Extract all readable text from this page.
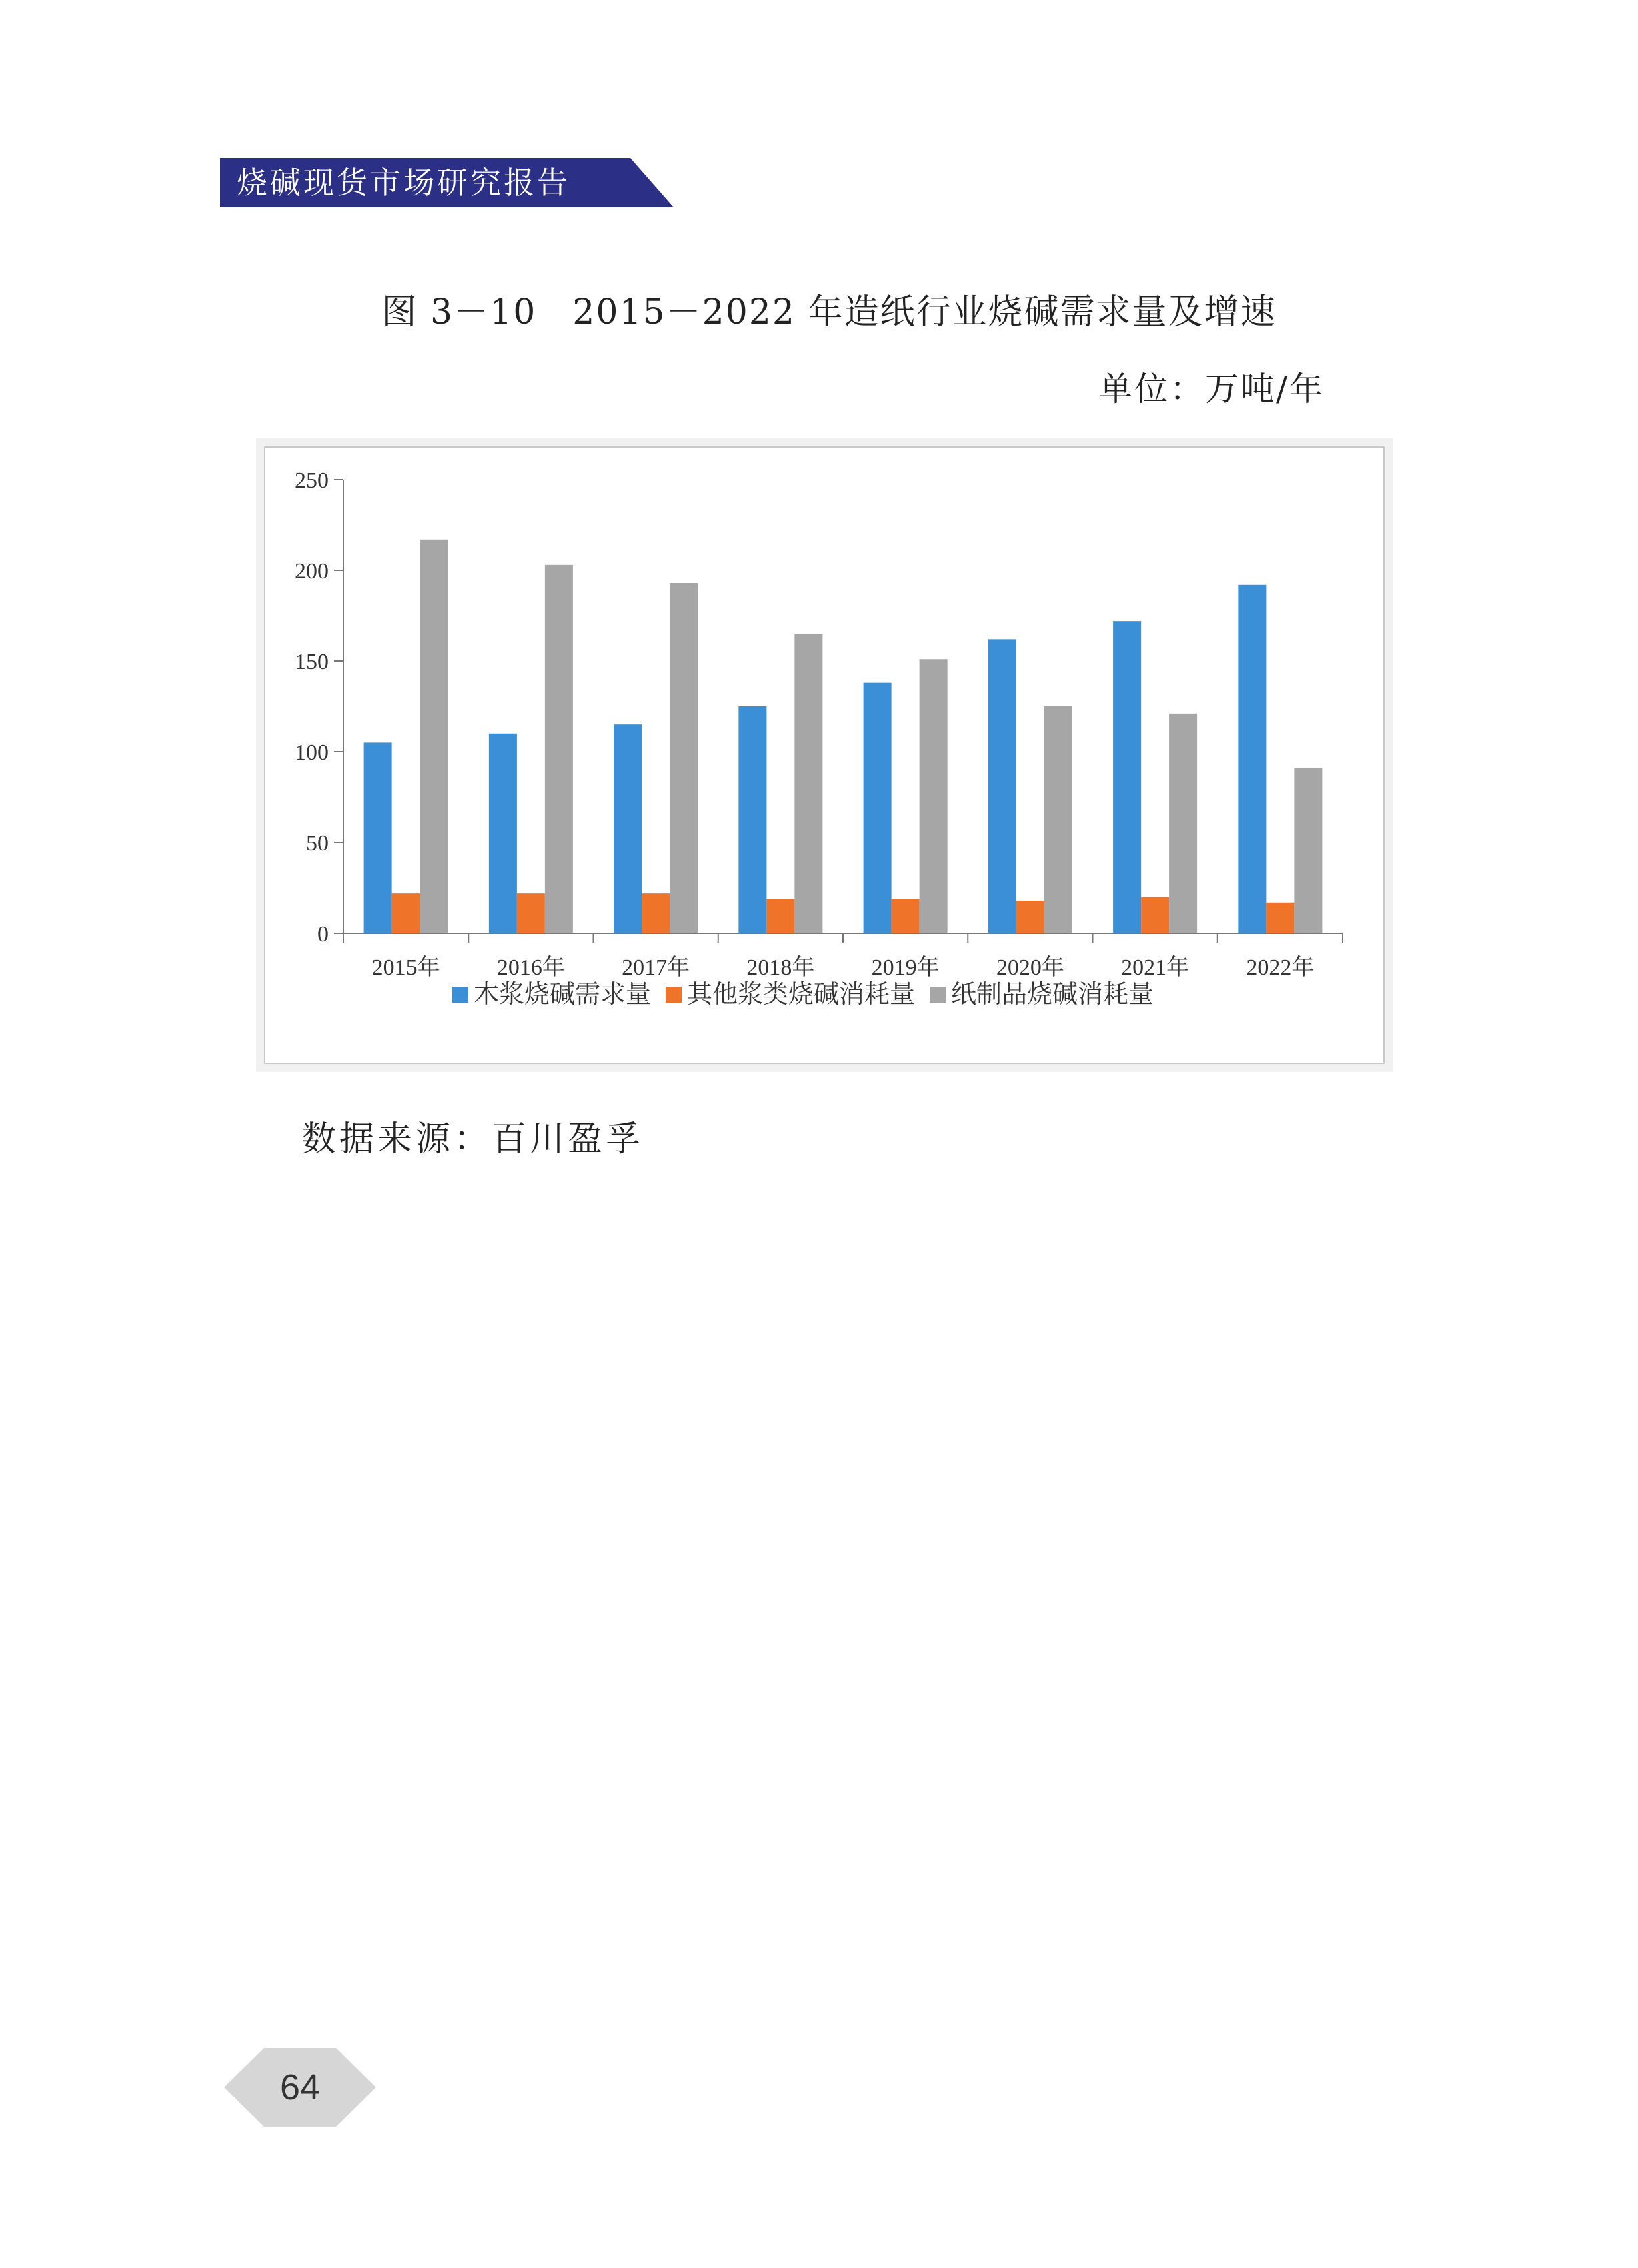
烧碱现货市场研究报告
图 3－10　2015－2022 年造纸行业烧碱需求量及增速
单位：万吨/年
0
50
100
150
200
250
2015年	2016年	2017年	2018年	2019年	2020年	2021年	2022年
木浆烧碱需求量 其他浆类烧碱消耗量 纸制品烧碱消耗量
数据来源：百川盈孚
64
